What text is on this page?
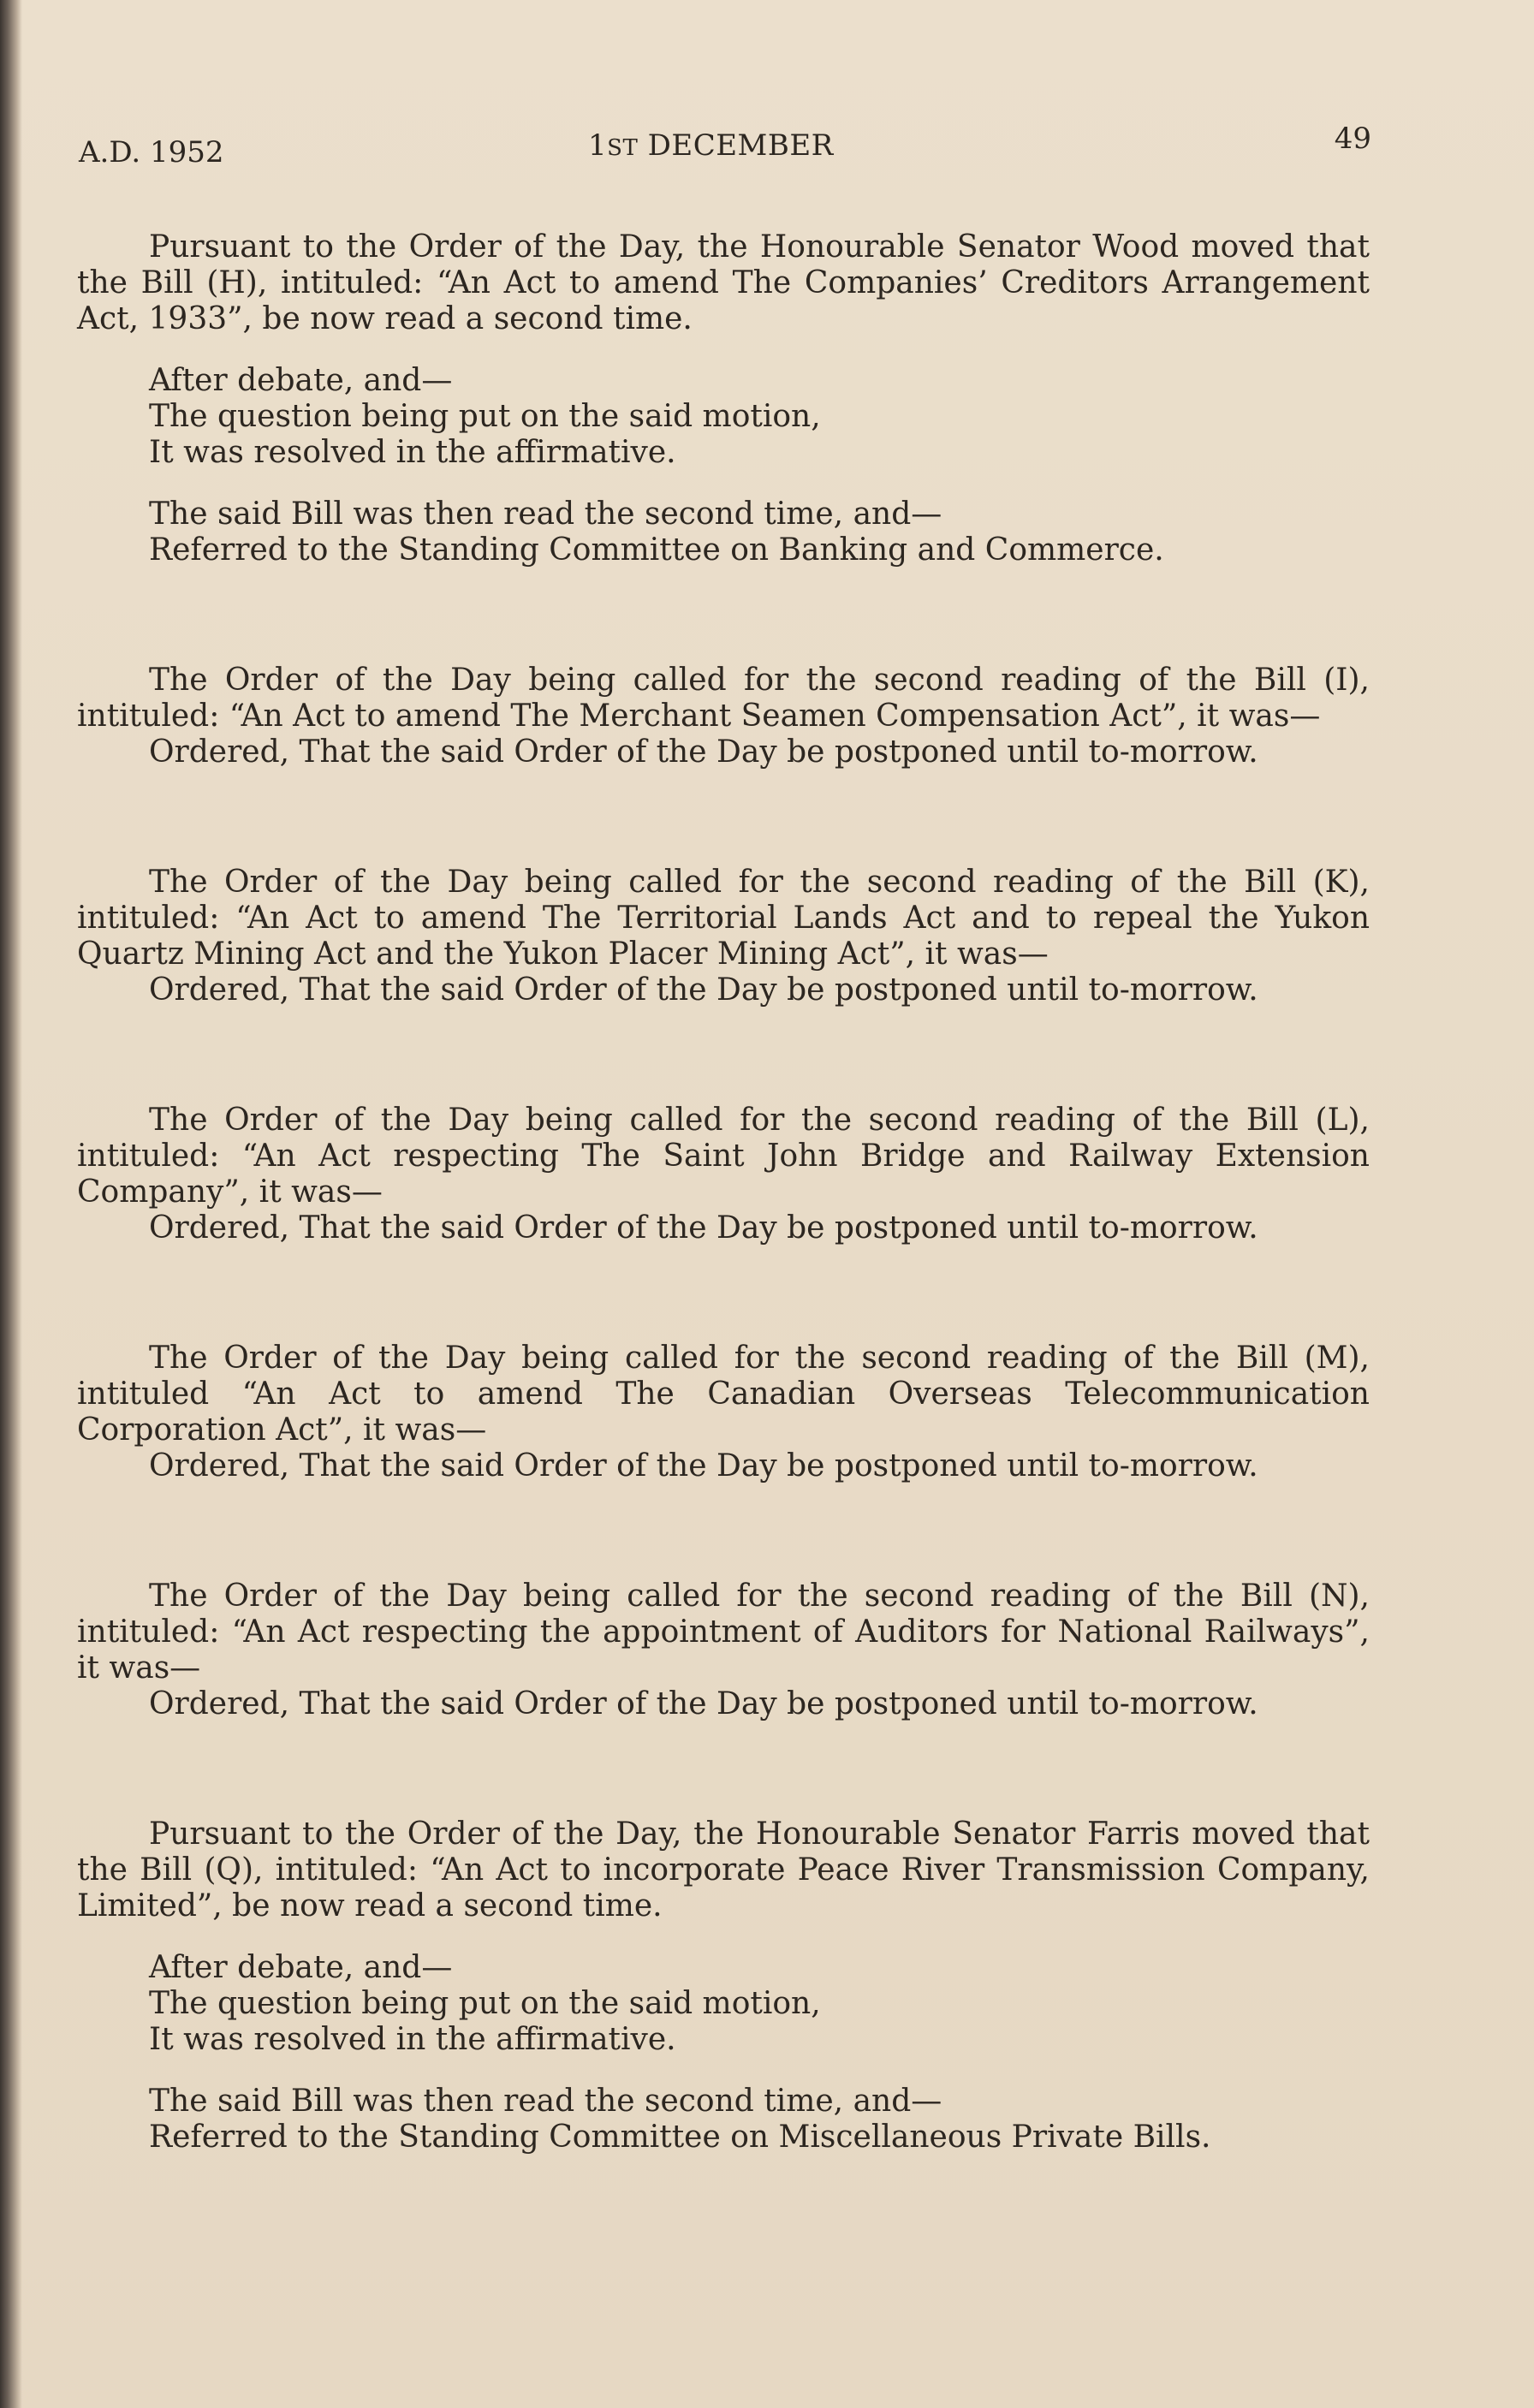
A.D. 1952	1ST DECEMBER	49

Pursuant to the Order of the Day, the Honourable Senator Wood moved that the Bill (H), intituled: “An Act to amend The Companies’ Creditors Arrangement Act, 1933”, be now read a second time.

After debate, and—

The question being put on the said motion,

It was resolved in the affirmative.

The said Bill was then read the second time, and—

Referred to the Standing Committee on Banking and Commerce.

The Order of the Day being called for the second reading of the Bill (I), intituled: “An Act to amend The Merchant Seamen Compensation Act”, it was—

Ordered, That the said Order of the Day be postponed until to-morrow.

The Order of the Day being called for the second reading of the Bill (K), intituled: “An Act to amend The Territorial Lands Act and to repeal the Yukon Quartz Mining Act and the Yukon Placer Mining Act”, it was—

Ordered, That the said Order of the Day be postponed until to-morrow.

The Order of the Day being called for the second reading of the Bill (L), intituled: “An Act respecting The Saint John Bridge and Railway Extension Company”, it was—

Ordered, That the said Order of the Day be postponed until to-morrow.

The Order of the Day being called for the second reading of the Bill (M), intituled “An Act to amend The Canadian Overseas Telecommunication Corporation Act”, it was—

Ordered, That the said Order of the Day be postponed until to-morrow.

The Order of the Day being called for the second reading of the Bill (N), intituled: “An Act respecting the appointment of Auditors for National Railways”, it was—

Ordered, That the said Order of the Day be postponed until to-morrow.

Pursuant to the Order of the Day, the Honourable Senator Farris moved that the Bill (Q), intituled: “An Act to incorporate Peace River Transmission Company, Limited”, be now read a second time.

After debate, and—

The question being put on the said motion,

It was resolved in the affirmative.

The said Bill was then read the second time, and—

Referred to the Standing Committee on Miscellaneous Private Bills.
